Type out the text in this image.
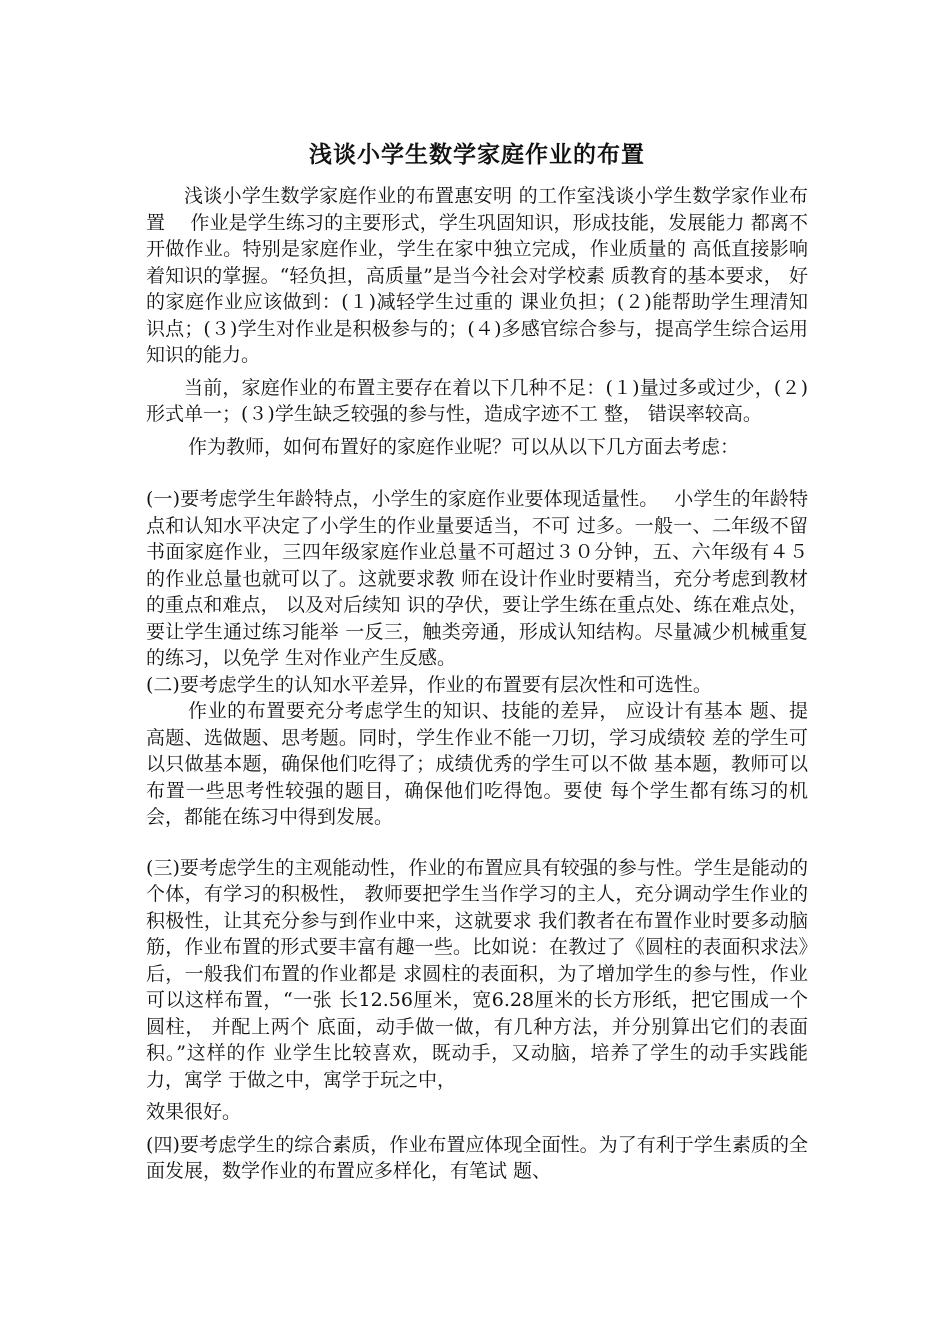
浅谈小学生数学家庭作业的布置

浅谈小学生数学家庭作业的布置惠安明 的工作室浅谈小学生数学家作业布置　 作业是学生练习的主要形式，学生巩固知识，形成技能，发展能力 都离不开做作业。特别是家庭作业，学生在家中独立完成，作业质量的 高低直接影响着知识的掌握。“轻负担，高质量”是当今社会对学校素 质教育的基本要求， 好的家庭作业应该做到：(１)减轻学生过重的 课业负担；(２)能帮助学生理清知识点；(３)学生对作业是积极参与的；(４)多感官综合参与，提高学生综合运用知识的能力。

当前，家庭作业的布置主要存在着以下几种不足：(１)量过多或过少，(２)形式单一；(３)学生缺乏较强的参与性，造成字迹不工 整， 错误率较高。

作为教师，如何布置好的家庭作业呢？可以从以下几方面去考虑：

(一)要考虑学生年龄特点，小学生的家庭作业要体现适量性。　 小学生的年龄特点和认知水平决定了小学生的作业量要适当，不可 过多。一般一、二年级不留书面家庭作业，三四年级家庭作业总量不可超过３０分钟，五、六年级有４５的作业总量也就可以了。这就要求教 师在设计作业时要精当，充分考虑到教材的重点和难点， 以及对后续知 识的孕伏，要让学生练在重点处、练在难点处，要让学生通过练习能举 一反三，触类旁通，形成认知结构。尽量减少机械重复的练习，以免学 生对作业产生反感。

(二)要考虑学生的认知水平差异，作业的布置要有层次性和可选性。

作业的布置要充分考虑学生的知识、技能的差异， 应设计有基本 题、提高题、选做题、思考题。同时，学生作业不能一刀切，学习成绩较 差的学生可以只做基本题，确保他们吃得了；成绩优秀的学生可以不做 基本题，教师可以布置一些思考性较强的题目，确保他们吃得饱。要使 每个学生都有练习的机会，都能在练习中得到发展。

(三)要考虑学生的主观能动性，作业的布置应具有较强的参与性。学生是能动的个体，有学习的积极性， 教师要把学生当作学习的主人，充分调动学生作业的积极性，让其充分参与到作业中来，这就要求 我们教者在布置作业时要多动脑筋，作业布置的形式要丰富有趣一些。比如说：在教过了《圆柱的表面积求法》后，一般我们布置的作业都是 求圆柱的表面积，为了增加学生的参与性，作业可以这样布置，“一张 长12.56厘米，宽6.28厘米的长方形纸，把它围成一个圆柱， 并配上两个 底面，动手做一做，有几种方法，并分别算出它们的表面积。”这样的作 业学生比较喜欢，既动手，又动脑，培养了学生的动手实践能力，寓学 于做之中，寓学于玩之中，

效果很好。

(四)要考虑学生的综合素质，作业布置应体现全面性。为了有利于学生素质的全面发展，数学作业的布置应多样化，有笔试 题、
